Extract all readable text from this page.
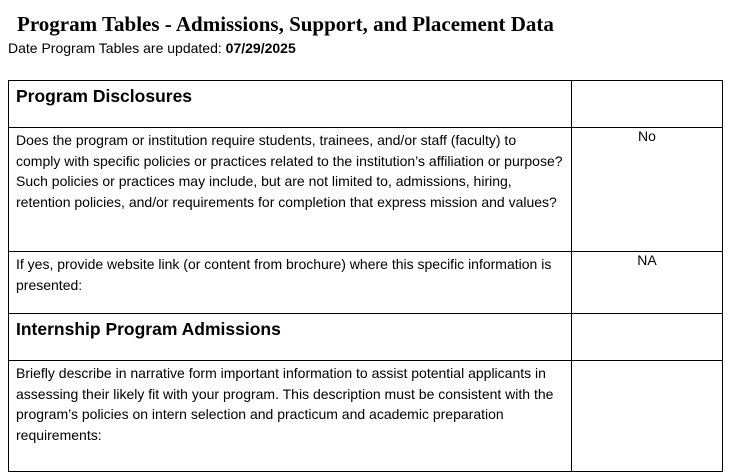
Program Tables - Admissions, Support, and Placement Data

Date Program Tables are updated: 07/29/2025

Program Disclosures	

Does the program or institution require students, trainees, and/or staff (faculty) to comply with specific policies or practices related to the institution’s affiliation or purpose? Such policies or practices may include, but are not limited to, admissions, hiring, retention policies, and/or requirements for completion that express mission and values?	No

If yes, provide website link (or content from brochure) where this specific information is presented:	NA

Internship Program Admissions	

Briefly describe in narrative form important information to assist potential applicants in assessing their likely fit with your program. This description must be consistent with the program’s policies on intern selection and practicum and academic preparation requirements:	
